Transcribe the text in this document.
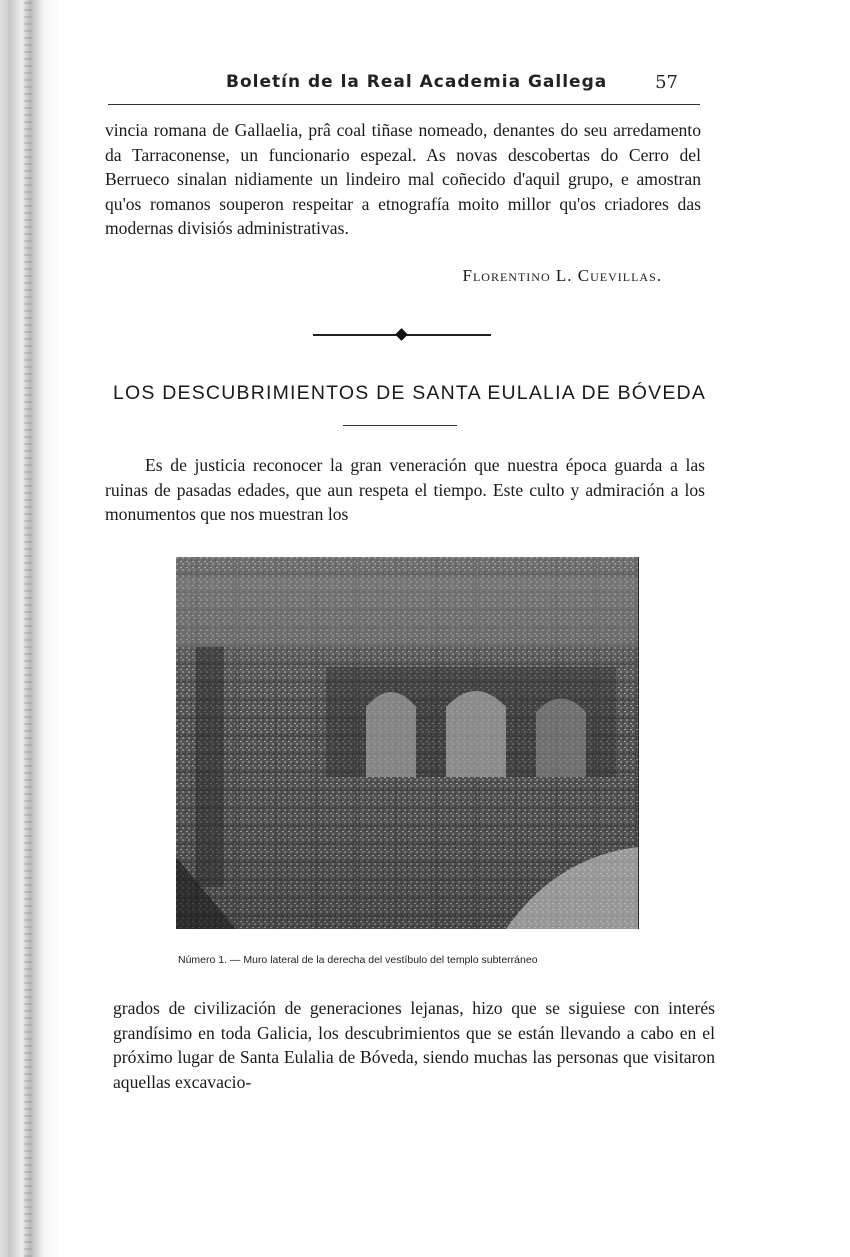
Boletín de la Real Academia Gallega	57

vincia romana de Gallaelia, prâ coal tiñase nomeado, denantes do seu arredamento da Tarraconense, un funcionario espezal. As novas descobertas do Cerro del Berrueco sinalan nidiamente un lindeiro mal coñecido d'aquil grupo, e amostran qu'os romanos souperon respeitar a etnografía moito millor qu'os criadores das modernas divisiós administrativas.

Florentino L. Cuevillas.
LOS DESCUBRIMIENTOS DE SANTA EULALIA DE BÓVEDA

Es de justicia reconocer la gran veneración que nuestra época guarda a las ruinas de pasadas edades, que aun respeta el tiempo. Este culto y admiración a los monumentos que nos muestran los

Número 1. — Muro lateral de la derecha del vestíbulo del templo subterráneo

grados de civilización de generaciones lejanas, hizo que se siguiese con interés grandísimo en toda Galicia, los descubrimientos que se están llevando a cabo en el próximo lugar de Santa Eulalia de Bóveda, siendo muchas las personas que visitaron aquellas excavacio-
